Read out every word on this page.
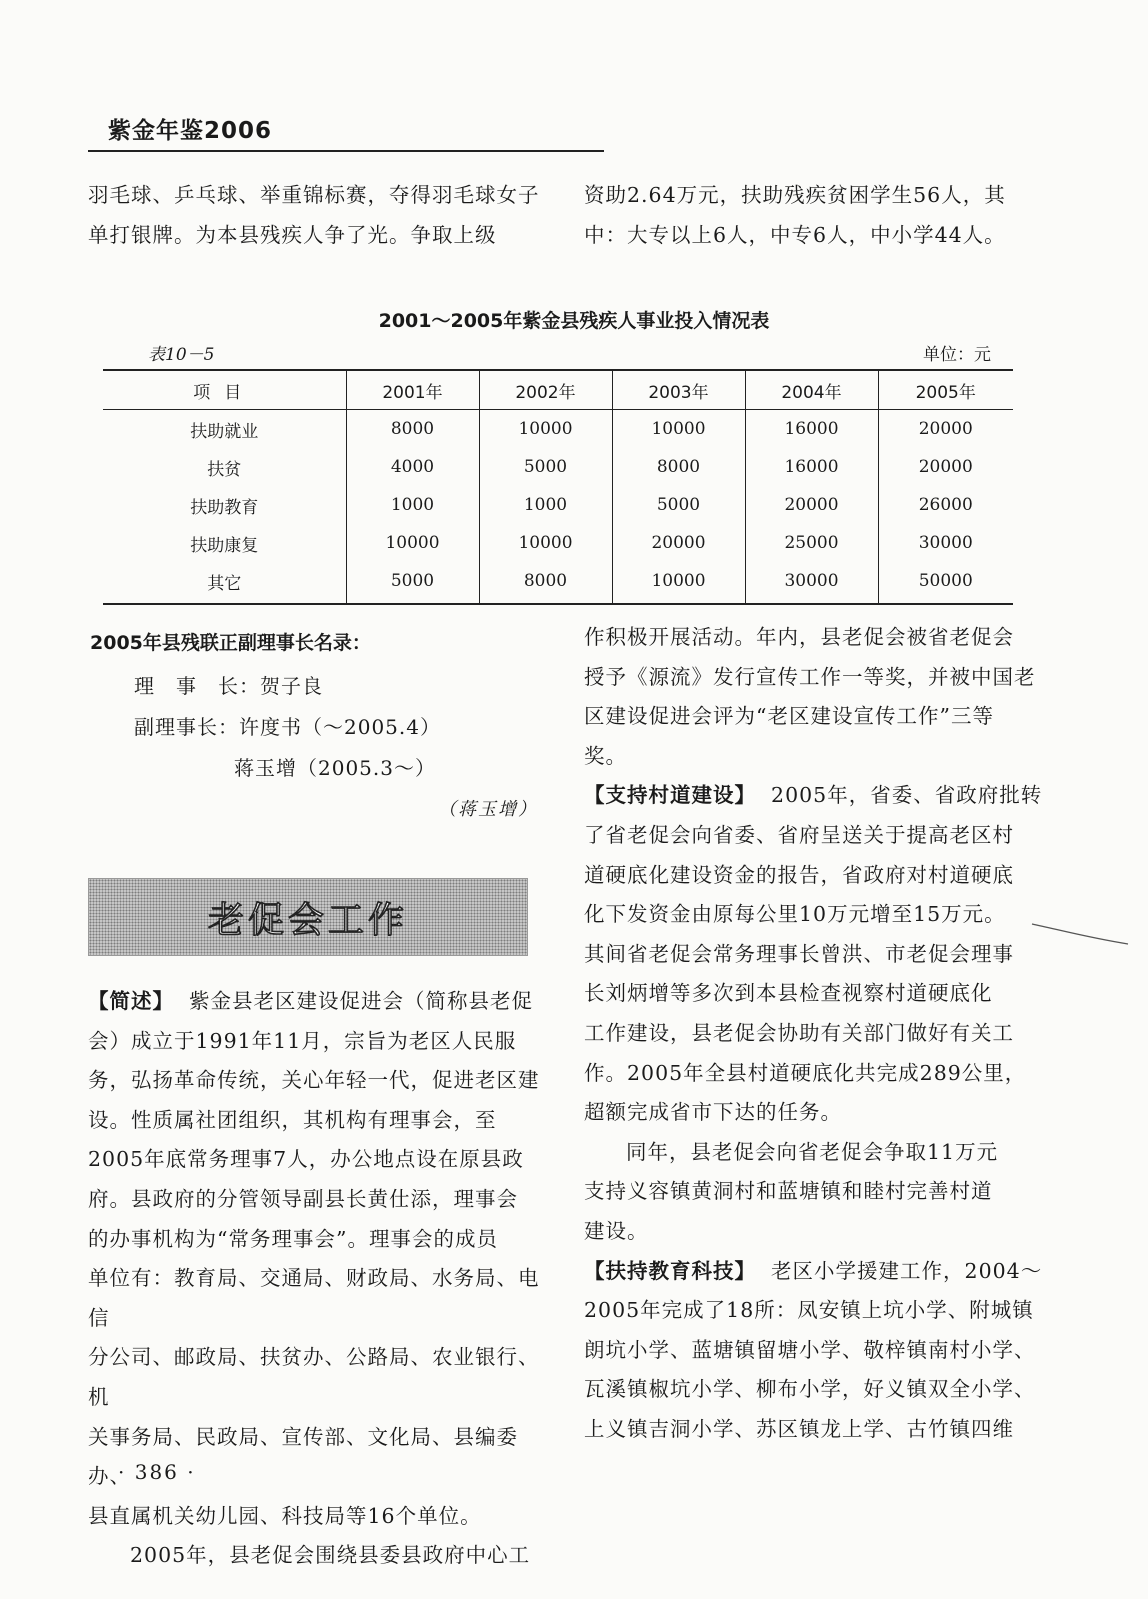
紫金年鉴2006

羽毛球、乒乓球、举重锦标赛，夺得羽毛球女子

单打银牌。为本县残疾人争了光。争取上级

资助2.64万元，扶助残疾贫困学生56人，其

中：大专以上6人，中专6人，中小学44人。

2001～2005年紫金县残疾人事业投入情况表
表10－5	单位：元
项目	2001年	2002年	2003年	2004年	2005年
扶助就业	8000	10000	10000	16000	20000
扶贫	4000	5000	8000	16000	20000
扶助教育	1000	1000	5000	20000	26000
扶助康复	10000	10000	20000	25000	30000
其它	5000	8000	10000	30000	50000
2005年县残联正副理事长名录：
理　事　长：贺子良
副理事长：许度书（～2005.4）
蒋玉增（2005.3～）
（蒋玉增）
老促会工作

【简述】 紫金县老区建设促进会（简称县老促

会）成立于1991年11月，宗旨为老区人民服

务，弘扬革命传统，关心年轻一代，促进老区建

设。性质属社团组织，其机构有理事会，至

2005年底常务理事7人，办公地点设在原县政

府。县政府的分管领导副县长黄仕添，理事会

的办事机构为“常务理事会”。理事会的成员

单位有：教育局、交通局、财政局、水务局、电信

分公司、邮政局、扶贫办、公路局、农业银行、机

关事务局、民政局、宣传部、文化局、县编委办、

县直属机关幼儿园、科技局等16个单位。

2005年，县老促会围绕县委县政府中心工

作积极开展活动。年内，县老促会被省老促会

授予《源流》发行宣传工作一等奖，并被中国老

区建设促进会评为“老区建设宣传工作”三等

奖。

【支持村道建设】 2005年，省委、省政府批转

了省老促会向省委、省府呈送关于提高老区村

道硬底化建设资金的报告，省政府对村道硬底

化下发资金由原每公里10万元增至15万元。

其间省老促会常务理事长曾洪、市老促会理事

长刘炳增等多次到本县检查视察村道硬底化

工作建设，县老促会协助有关部门做好有关工

作。2005年全县村道硬底化共完成289公里，

超额完成省市下达的任务。

同年，县老促会向省老促会争取11万元

支持义容镇黄洞村和蓝塘镇和睦村完善村道

建设。

【扶持教育科技】 老区小学援建工作，2004～

2005年完成了18所：凤安镇上坑小学、附城镇

朗坑小学、蓝塘镇留塘小学、敬梓镇南村小学、

瓦溪镇椒坑小学、柳布小学，好义镇双全小学、

上义镇吉洞小学、苏区镇龙上学、古竹镇四维

· 386 ·
